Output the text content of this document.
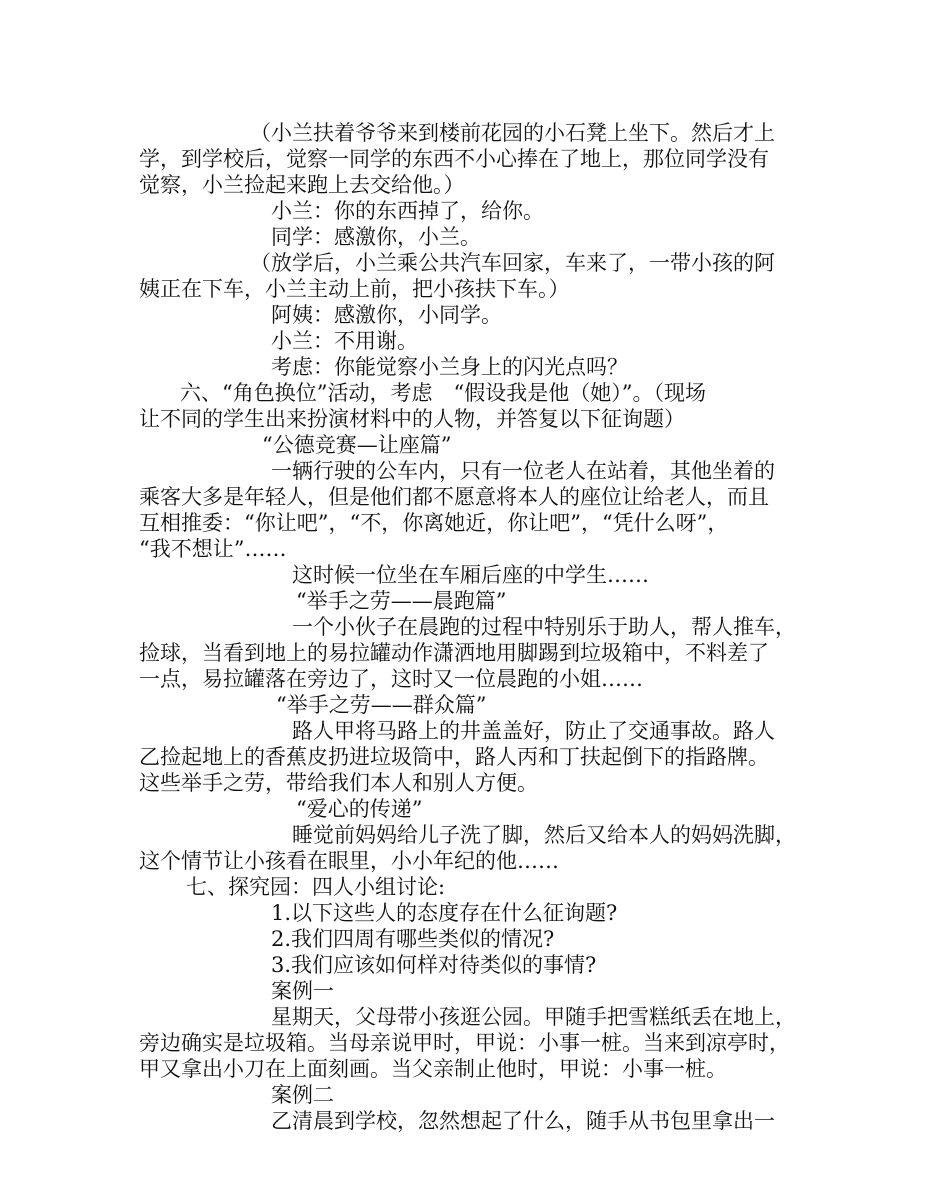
（小兰扶着爷爷来到楼前花园的小石凳上坐下。然后才上
学，到学校后，觉察一同学的东西不小心捧在了地上，那位同学没有
觉察，小兰捡起来跑上去交给他。）
小兰：你的东西掉了，给你。
同学：感激你，小兰。
（放学后，小兰乘公共汽车回家，车来了，一带小孩的阿
姨正在下车，小兰主动上前，把小孩扶下车。）
阿姨：感激你，小同学。
小兰：不用谢。
考虑：你能觉察小兰身上的闪光点吗？
六、“角色换位”活动，考虑　“假设我是他（她）”。（现场
让不同的学生出来扮演材料中的人物，并答复以下征询题）
“公德竞赛—让座篇”
一辆行驶的公车内，只有一位老人在站着，其他坐着的
乘客大多是年轻人，但是他们都不愿意将本人的座位让给老人，而且
互相推委：“你让吧”，“不，你离她近，你让吧”，“凭什么呀”，
“我不想让”……
这时候一位坐在车厢后座的中学生……
“举手之劳——晨跑篇”
一个小伙子在晨跑的过程中特别乐于助人，帮人推车，
捡球，当看到地上的易拉罐动作潇洒地用脚踢到垃圾箱中，不料差了
一点，易拉罐落在旁边了，这时又一位晨跑的小姐……
“举手之劳——群众篇”
路人甲将马路上的井盖盖好，防止了交通事故。路人
乙捡起地上的香蕉皮扔进垃圾筒中，路人丙和丁扶起倒下的指路牌。
这些举手之劳，带给我们本人和别人方便。
“爱心的传递”
睡觉前妈妈给儿子洗了脚，然后又给本人的妈妈洗脚，
这个情节让小孩看在眼里，小小年纪的他……
七、探究园：四人小组讨论:
1.以下这些人的态度存在什么征询题?
2.我们四周有哪些类似的情况?
3.我们应该如何样对待类似的事情?
案例一
星期天，父母带小孩逛公园。甲随手把雪糕纸丢在地上，
旁边确实是垃圾箱。当母亲说甲时，甲说：小事一桩。当来到凉亭时，
甲又拿出小刀在上面刻画。当父亲制止他时，甲说：小事一桩。
案例二
乙清晨到学校，忽然想起了什么，随手从书包里拿出一
